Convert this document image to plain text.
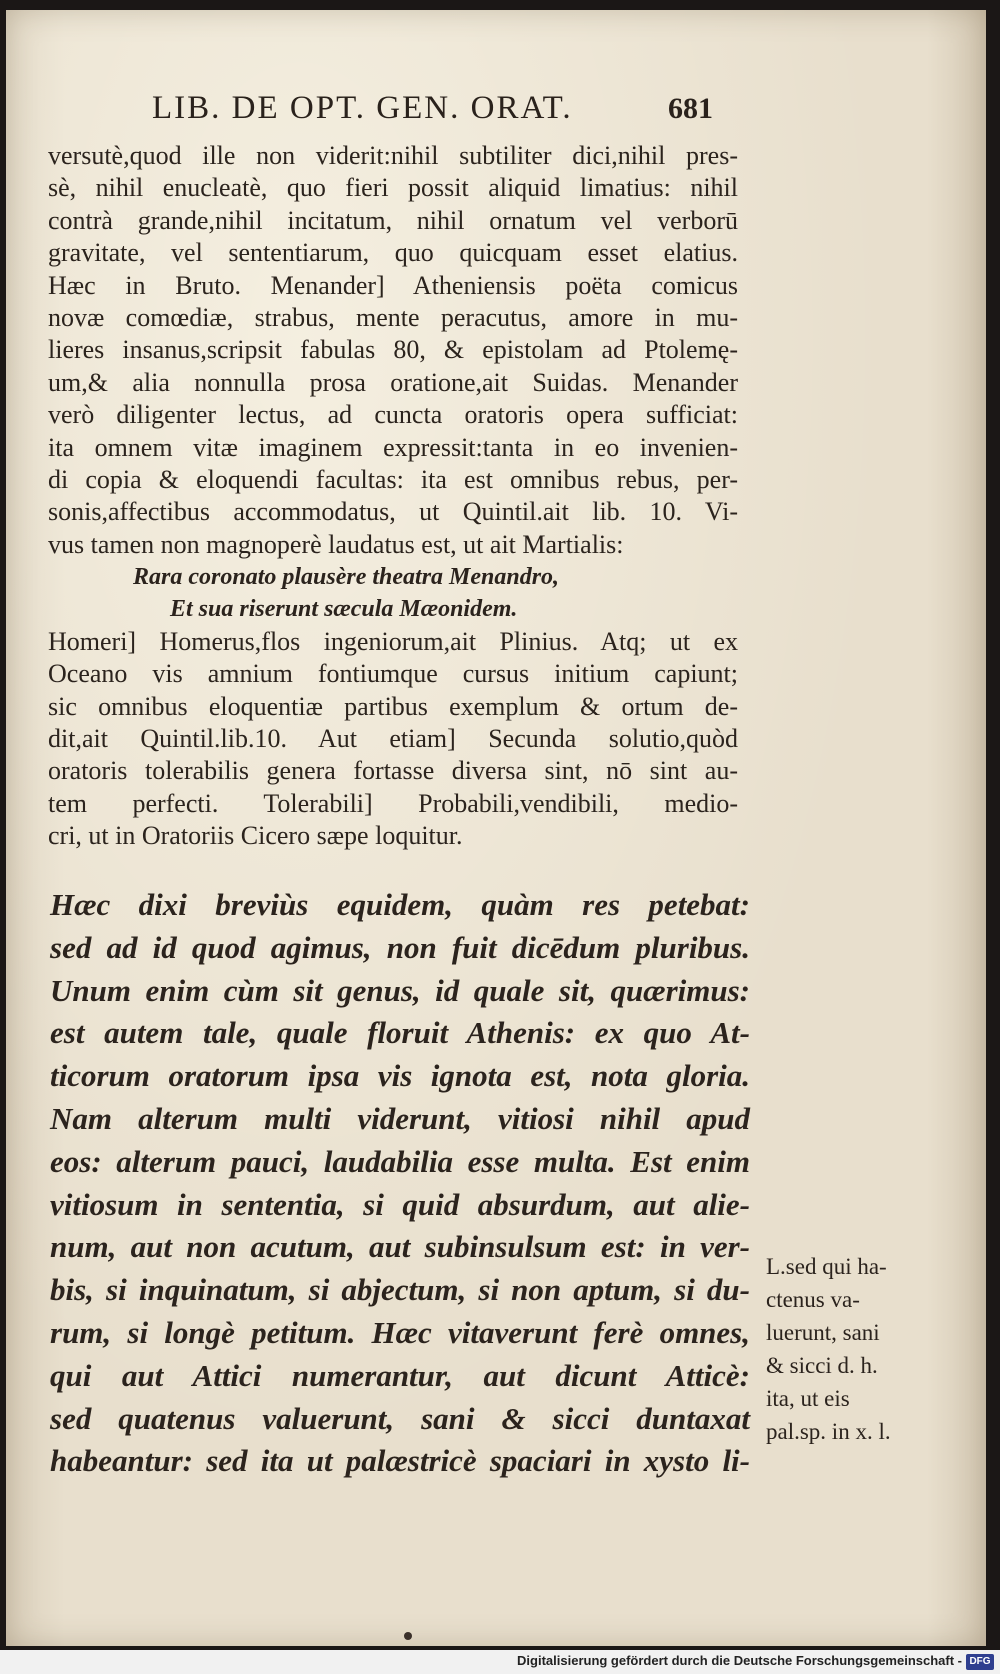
LIB. DE OPT. GEN. ORAT.	681
versutè,quod ille non viderit:nihil subtiliter dici,nihil pres-
sè, nihil enucleatè, quo fieri possit aliquid limatius: nihil
contrà grande,nihil incitatum, nihil ornatum vel verborū
gravitate, vel sententiarum, quo quicquam esset elatius.
Hæc in Bruto. Menander] Atheniensis poëta comicus
novæ comœdiæ, strabus, mente peracutus, amore in mu-
lieres insanus,scripsit fabulas 80, & epistolam ad Ptolemę-
um,& alia nonnulla prosa oratione,ait Suidas. Menander
verò diligenter lectus, ad cuncta oratoris opera sufficiat:
ita omnem vitæ imaginem expressit:tanta in eo invenien-
di copia & eloquendi facultas: ita est omnibus rebus, per-
sonis,affectibus accommodatus, ut Quintil.ait lib. 10. Vi-
vus tamen non magnoperè laudatus est, ut ait Martialis:
Rara coronato plausère theatra Menandro,
Et sua riserunt sæcula Mæonidem.
Homeri] Homerus,flos ingeniorum,ait Plinius. Atq; ut ex
Oceano vis amnium fontiumque cursus initium capiunt;
sic omnibus eloquentiæ partibus exemplum & ortum de-
dit,ait Quintil.lib.10. Aut etiam] Secunda solutio,quòd
oratoris tolerabilis genera fortasse diversa sint, nō sint au-
tem perfecti. Tolerabili] Probabili,vendibili, medio-
cri, ut in Oratoriis Cicero sæpe loquitur.
Hæc dixi breviùs equidem, quàm res petebat:
sed ad id quod agimus, non fuit dicēdum pluribus.
Unum enim cùm sit genus, id quale sit, quærimus:
est autem tale, quale floruit Athenis: ex quo At-
ticorum oratorum ipsa vis ignota est, nota gloria.
Nam alterum multi viderunt, vitiosi nihil apud
eos: alterum pauci, laudabilia esse multa. Est enim
vitiosum in sententia, si quid absurdum, aut alie-
num, aut non acutum, aut subinsulsum est: in ver-
bis, si inquinatum, si abjectum, si non aptum, si du-
rum, si longè petitum. Hæc vitaverunt ferè omnes,
qui aut Attici numerantur, aut dicunt Atticè:
sed quatenus valuerunt, sani & sicci duntaxat
habeantur: sed ita ut palæstricè spaciari in xysto li-
L.sed qui ha-
ctenus va-
luerunt, sani
& sicci d. h.
ita, ut eis
pal.sp. in x. l.
Digitalisierung gefördert durch die Deutsche Forschungsgemeinschaft - DFG
